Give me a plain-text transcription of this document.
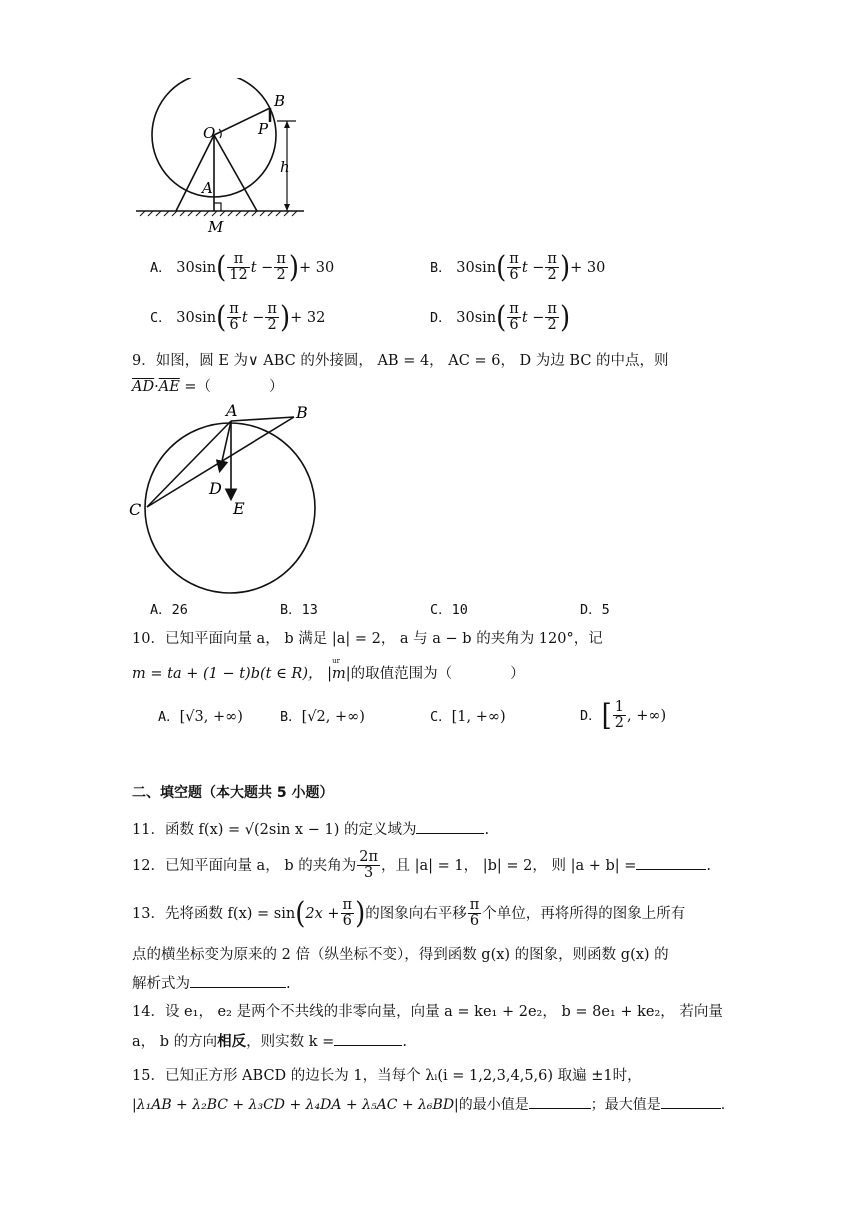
O
B
P
h
A
M
A． $30\sin( \frac{\pi}{12}$ $t - \frac{\pi}{2}$ )+ 30	B． $30\sin( \frac{\pi}{6}$ $t - \frac{\pi}{2}$ )+ 30
C． $30\sin( \frac{\pi}{6}$ $t - \frac{\pi}{2}$ )+ 32	D． $30\sin( \frac{\pi}{6}$ $t - \frac{\pi}{2}$ )
9．如图，圆 E 为∨ ABC 的外接圆， AB = 4， AC = 6， D 为边 BC 的中点，则
$\overline{AD}\cdot\overline{AE}$ =（　　　　）
A	B
C
D
E
A．26	B．13	C．10	D．5
10．已知平面向量 a， b 满足 |a| = 2， a 与 a − b 的夹角为 120°，记
m = ta + (1 − t)b(t ∈ R)，
ur
|m|的取值范围为（　　　　）
A．[√3, +∞)	B．[√2, +∞)	C．[1, +∞)	D．[ $\frac{1}{2}$ , +∞)
二、填空题（本大题共 5 小题）
11．函数 f(x) = √(2sin x − 1) 的定义域为	.
12．已知平面向量 a， b 的夹角为 $\frac{2\pi}{3}$ ，且 |a| = 1， |b| = 2， 则 |a + b| =	.
13．先将函数 $f(x) = \sin(2x + \frac{\pi}{6}$ )的图象向右平移 $\frac{\pi}{6}$ 个单位，再将所得的图象上所有
点的横坐标变为原来的 2 倍（纵坐标不变），得到函数 g(x) 的图象，则函数 g(x) 的
解析式为	.
14．设 e₁， e₂ 是两个不共线的非零向量，向量 a = ke₁ + 2e₂， b = 8e₁ + ke₂， 若向量
a， b 的方向相反，则实数 k =	.
15．已知正方形 ABCD 的边长为 1，当每个 λᵢ(i = 1,2,3,4,5,6) 取遍 ±1时，
|λ₁AB + λ₂BC + λ₃CD + λ₄DA + λ₅AC + λ₆BD|的最小值是	；最大值是	.
